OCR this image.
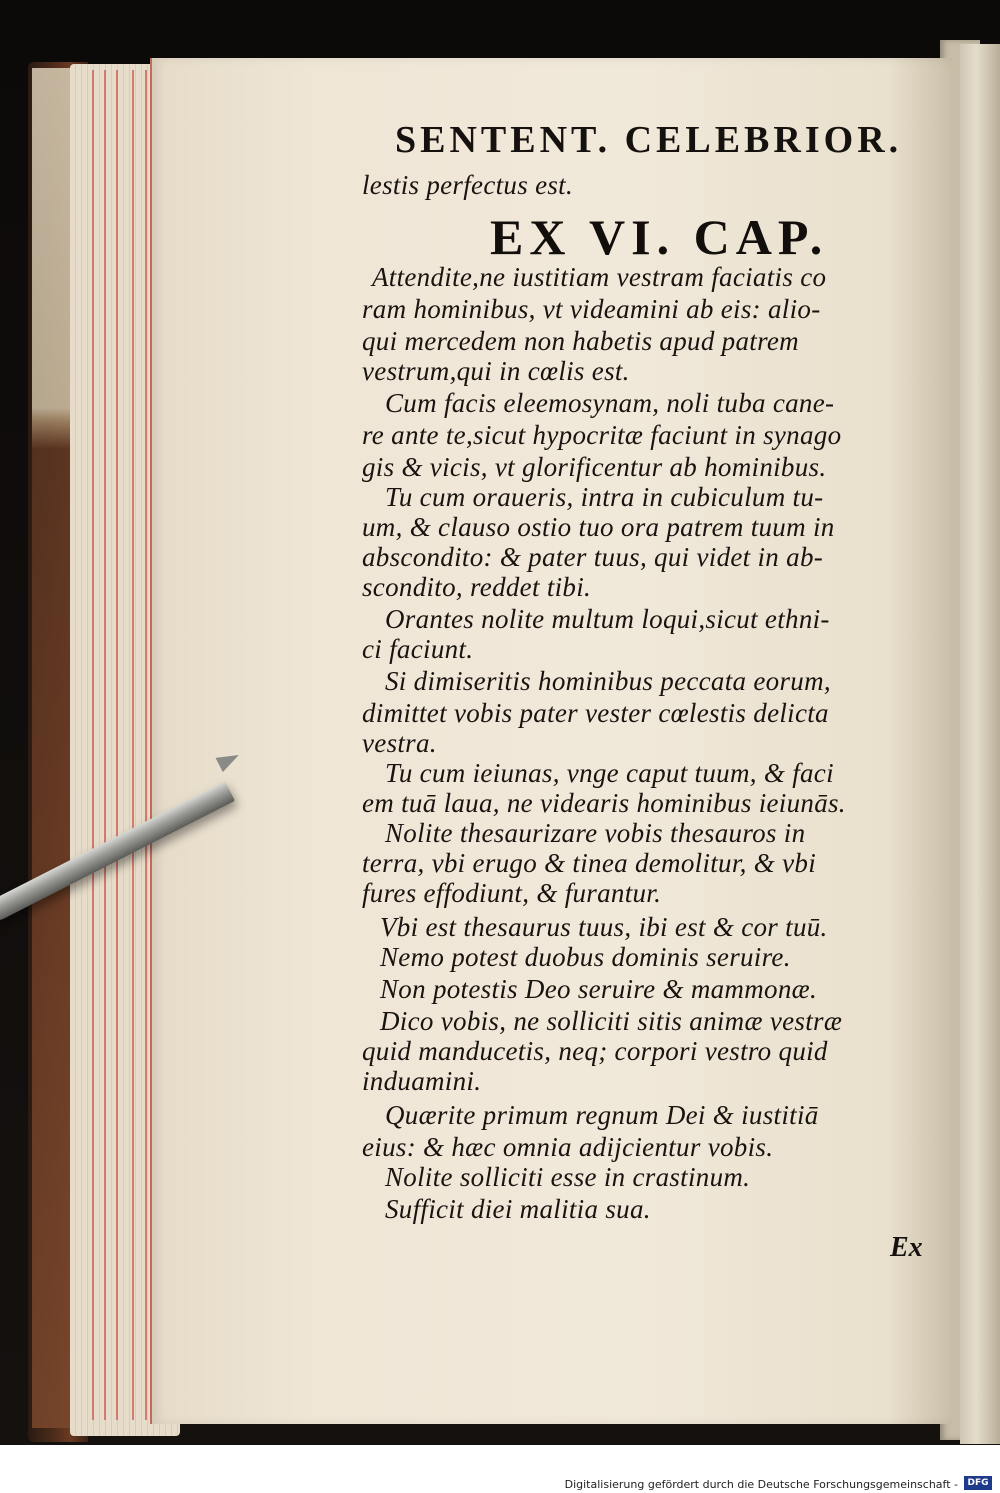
SENTENT. CELEBRIOR.
EX VI. CAP.
lestis perfectus est.
Attendite,ne iustitiam vestram faciatis co
ram hominibus, vt videamini ab eis: alio-
qui mercedem non habetis apud patrem
vestrum,qui in cœlis est.
Cum facis eleemosynam, noli tuba cane-
re ante te,sicut hypocritæ faciunt in synago
gis & vicis, vt glorificentur ab hominibus.
Tu cum oraueris, intra in cubiculum tu-
um, & clauso ostio tuo ora patrem tuum in
abscondito: & pater tuus, qui videt in ab-
scondito, reddet tibi.
Orantes nolite multum loqui,sicut ethni-
ci faciunt.
Si dimiseritis hominibus peccata eorum,
dimittet vobis pater vester cœlestis delicta
vestra.
Tu cum ieiunas, vnge caput tuum, & faci
em tuā laua, ne videaris hominibus ieiunās.
Nolite thesaurizare vobis thesauros in
terra, vbi erugo & tinea demolitur, & vbi
fures effodiunt, & furantur.
Vbi est thesaurus tuus, ibi est & cor tuū.
Nemo potest duobus dominis seruire.
Non potestis Deo seruire & mammonæ.
Dico vobis, ne solliciti sitis animæ vestræ
quid manducetis, neq; corpori vestro quid
induamini.
Quærite primum regnum Dei & iustitiā
eius: & hæc omnia adijcientur vobis.
Nolite solliciti esse in crastinum.
Sufficit diei malitia sua.
Ex
Digitalisierung gefördert durch die Deutsche Forschungsgemeinschaft -	DFG
